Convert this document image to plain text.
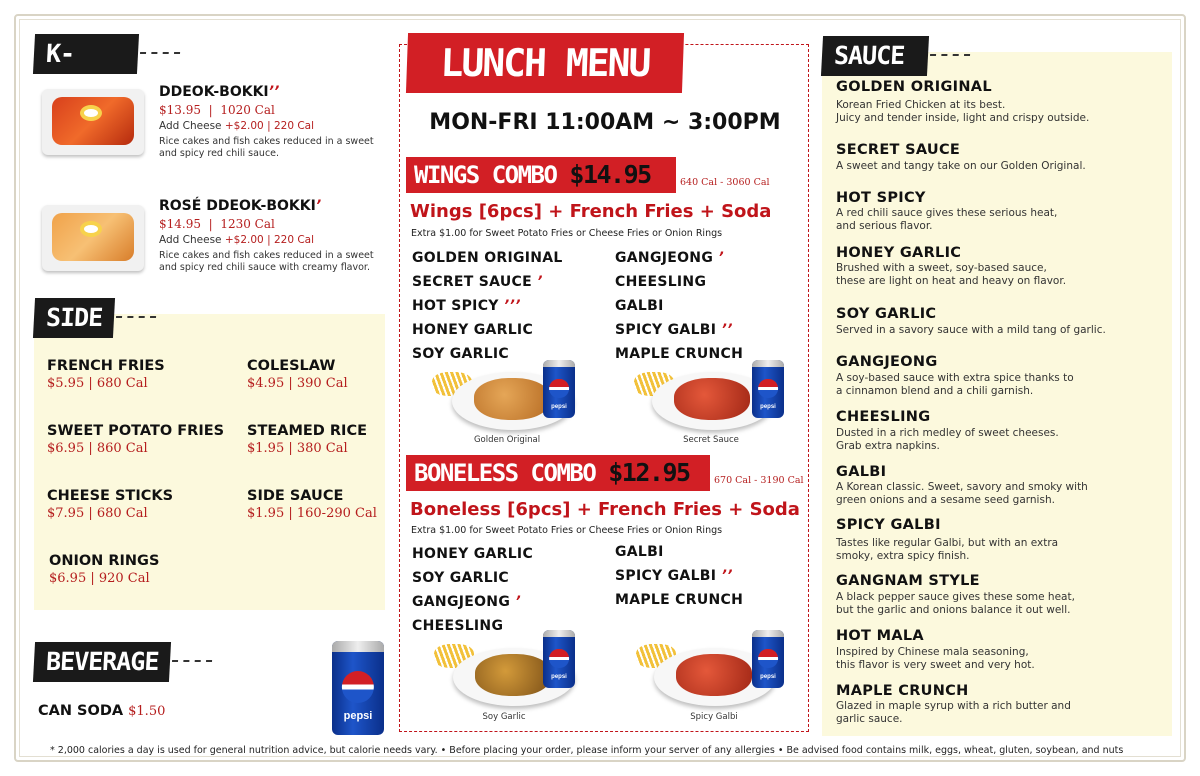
K-FOOD	DDEOK-BOKKI’’
$13.95 | 1020 Cal
Add Cheese +$2.00 | 220 Cal
Rice cakes and fish cakes reduced in a sweet and spicy red chili sauce.
ROSÉ DDEOK-BOKKI’
$14.95 | 1230 Cal
Add Cheese +$2.00 | 220 Cal
Rice cakes and fish cakes reduced in a sweet and spicy red chili sauce with creamy flavor.
SIDE
FRENCH FRIES
$5.95 | 680 Cal
COLESLAW
$4.95 | 390 Cal
SWEET POTATO FRIES
$6.95 | 860 Cal
STEAMED RICE
$1.95 | 380 Cal
CHEESE STICKS
$7.95 | 680 Cal
SIDE SAUCE
$1.95 | 160-290 Cal
ONION RINGS
$6.95 | 920 Cal
BEVERAGE
CAN SODA $1.50	pepsi
LUNCH MENU
MON-FRI 11:00AM ~ 3:00PM
WINGS COMBO $14.95	640 Cal - 3060 Cal
Wings [6pcs] + French Fries + Soda
Extra $1.00 for Sweet Potato Fries or Cheese Fries or Onion Rings
GOLDEN ORIGINAL
SECRET SAUCE ’
HOT SPICY ’’’
HONEY GARLIC
SOY GARLIC
GANGJEONG ’
CHEESLING
GALBI
SPICY GALBI ’’
MAPLE CRUNCH
pepsi
Golden Original
pepsi
Secret Sauce
BONELESS COMBO $12.95	670 Cal - 3190 Cal
Boneless [6pcs] + French Fries + Soda
Extra $1.00 for Sweet Potato Fries or Cheese Fries or Onion Rings
HONEY GARLIC
SOY GARLIC
GANGJEONG ’
CHEESLING
GALBI
SPICY GALBI ’’
MAPLE CRUNCH
pepsi
Soy Garlic
pepsi
Spicy Galbi
SAUCE
GOLDEN ORIGINAL
Korean Fried Chicken at its best.
Juicy and tender inside, light and crispy outside.
SECRET SAUCE
A sweet and tangy take on our Golden Original.
HOT SPICY
A red chili sauce gives these serious heat,
and serious flavor.
HONEY GARLIC
Brushed with a sweet, soy-based sauce,
these are light on heat and heavy on flavor.
SOY GARLIC
Served in a savory sauce with a mild tang of garlic.
GANGJEONG
A soy-based sauce with extra spice thanks to
a cinnamon blend and a chili garnish.
CHEESLING
Dusted in a rich medley of sweet cheeses.
Grab extra napkins.
GALBI
A Korean classic. Sweet, savory and smoky with
green onions and a sesame seed garnish.
SPICY GALBI
Tastes like regular Galbi, but with an extra
smoky, extra spicy finish.
GANGNAM STYLE
A black pepper sauce gives these some heat,
but the garlic and onions balance it out well.
HOT MALA
Inspired by Chinese mala seasoning,
this flavor is very sweet and very hot.
MAPLE CRUNCH
Glazed in maple syrup with a rich butter and
garlic sauce.
* 2,000 calories a day is used for general nutrition advice, but calorie needs vary. • Before placing your order, please inform your server of any allergies • Be advised food contains milk, eggs, wheat, gluten, soybean, and nuts
